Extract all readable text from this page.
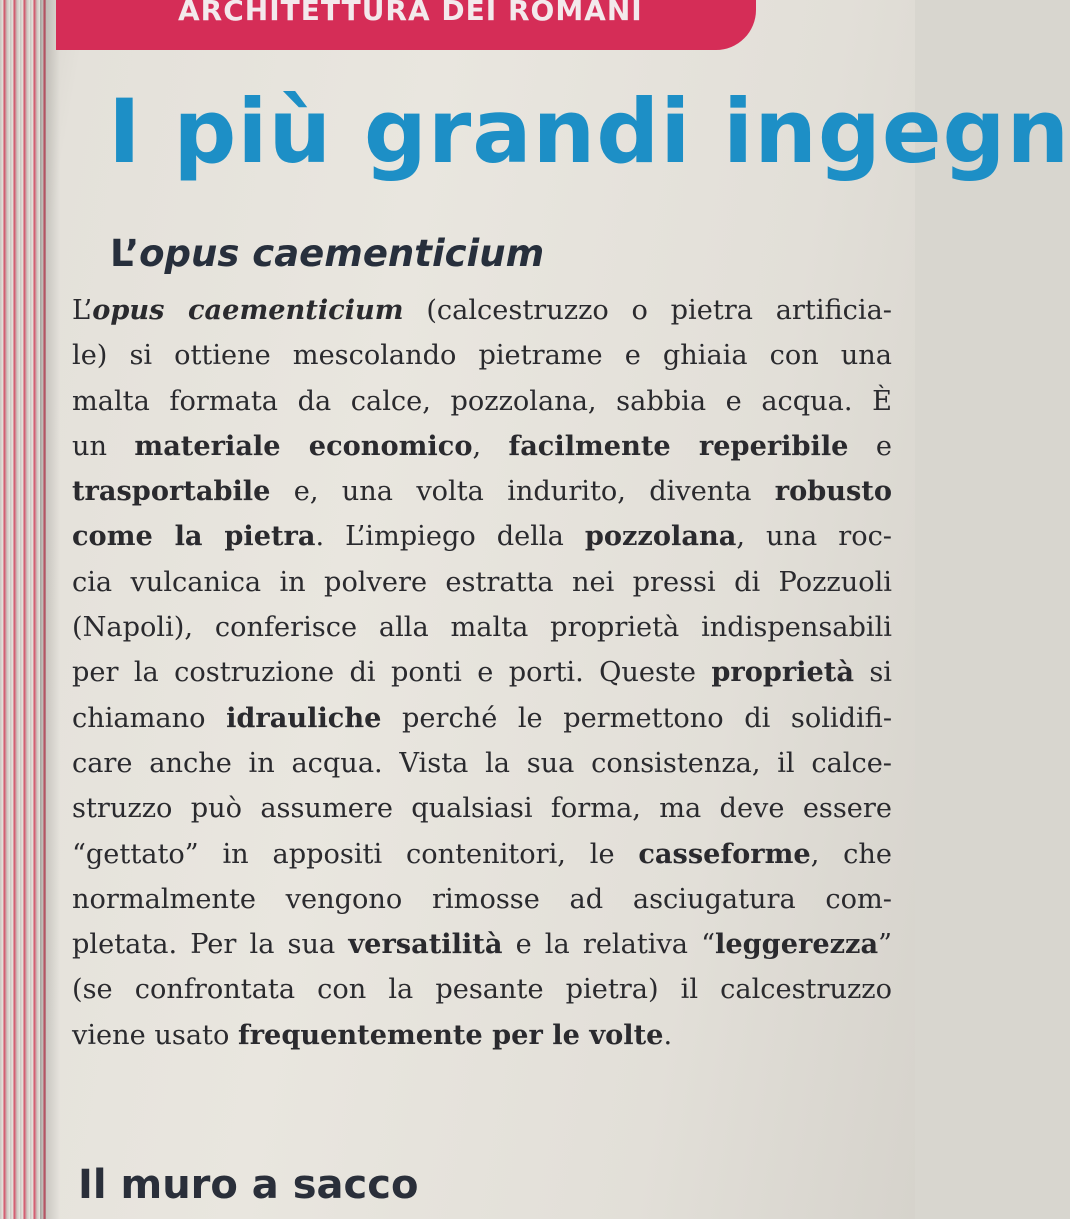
ARCHITETTURA DEI ROMANI
I più grandi ingegn
L’opus caementicium
L’opus caementicium (calcestruzzo o pietra artificia-
le) si ottiene mescolando pietrame e ghiaia con una
malta formata da calce, pozzolana, sabbia e acqua. È
un materiale economico, facilmente reperibile e
trasportabile e, una volta indurito, diventa robusto
come la pietra. L’impiego della pozzolana, una roc-
cia vulcanica in polvere estratta nei pressi di Pozzuoli
(Napoli), conferisce alla malta proprietà indispensabili
per la costruzione di ponti e porti. Queste proprietà si
chiamano idrauliche perché le permettono di solidifi-
care anche in acqua. Vista la sua consistenza, il calce-
struzzo può assumere qualsiasi forma, ma deve essere
“gettato” in appositi contenitori, le casseforme, che
normalmente vengono rimosse ad asciugatura com-
pletata. Per la sua versatilità e la relativa “leggerezza”
(se confrontata con la pesante pietra) il calcestruzzo
viene usato frequentemente per le volte.
Il muro a sacco
